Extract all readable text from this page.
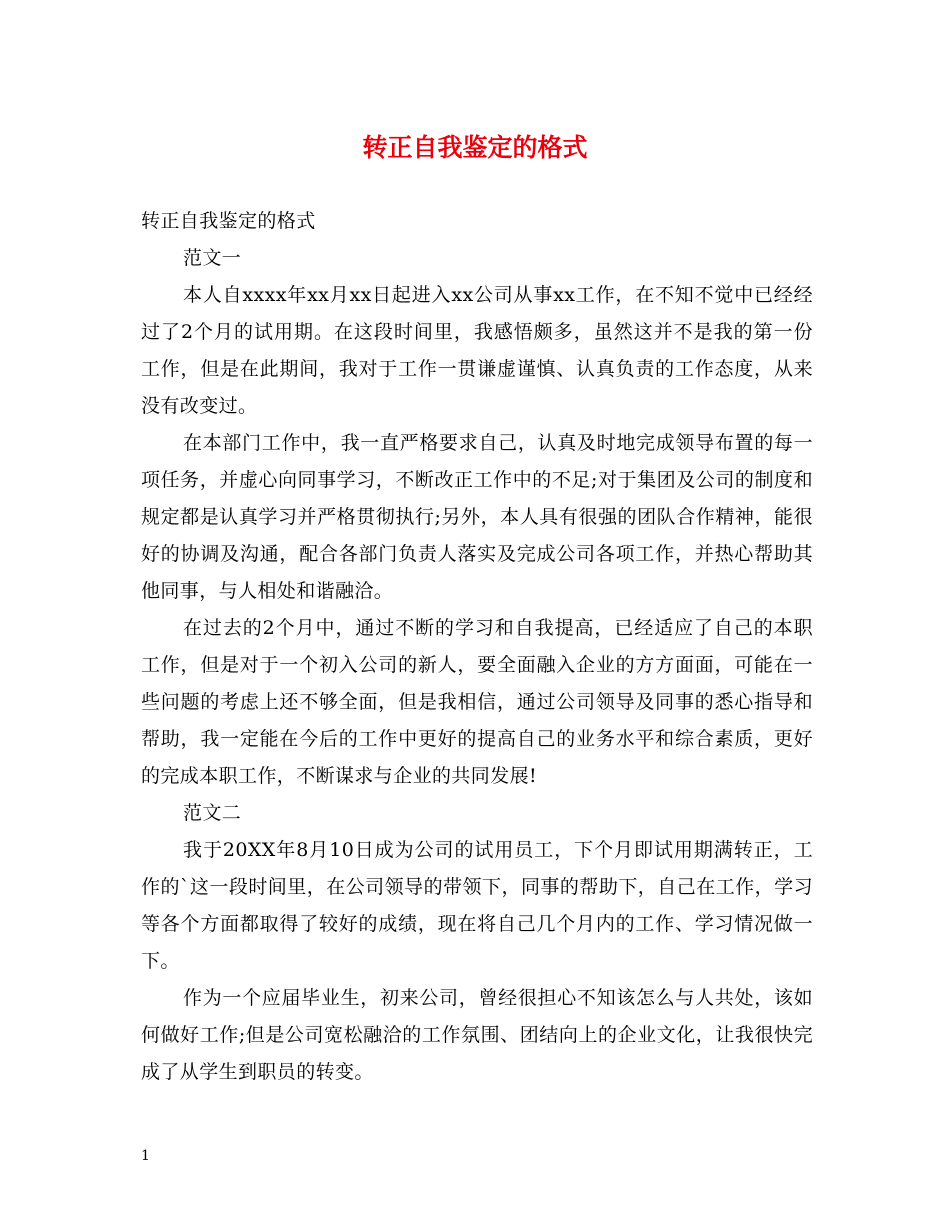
转正自我鉴定的格式

转正自我鉴定的格式

范文一

本人自xxxx年xx月xx日起进入xx公司从事xx工作，在不知不觉中已经经过了2个月的试用期。在这段时间里，我感悟颇多，虽然这并不是我的第一份工作，但是在此期间，我对于工作一贯谦虚谨慎、认真负责的工作态度，从来没有改变过。

在本部门工作中，我一直严格要求自己，认真及时地完成领导布置的每一项任务，并虚心向同事学习，不断改正工作中的不足;对于集团及公司的制度和规定都是认真学习并严格贯彻执行;另外，本人具有很强的团队合作精神，能很好的协调及沟通，配合各部门负责人落实及完成公司各项工作，并热心帮助其他同事，与人相处和谐融洽。

在过去的2个月中，通过不断的学习和自我提高，已经适应了自己的本职工作，但是对于一个初入公司的新人，要全面融入企业的方方面面，可能在一些问题的考虑上还不够全面，但是我相信，通过公司领导及同事的悉心指导和帮助，我一定能在今后的工作中更好的提高自己的业务水平和综合素质，更好的完成本职工作，不断谋求与企业的共同发展!

范文二

我于20XX年8月10日成为公司的试用员工，下个月即试用期满转正，工作的`这一段时间里，在公司领导的带领下，同事的帮助下，自己在工作，学习等各个方面都取得了较好的成绩，现在将自己几个月内的工作、学习情况做一下。

作为一个应届毕业生，初来公司，曾经很担心不知该怎么与人共处，该如何做好工作;但是公司宽松融洽的工作氛围、团结向上的企业文化，让我很快完成了从学生到职员的转变。

1
